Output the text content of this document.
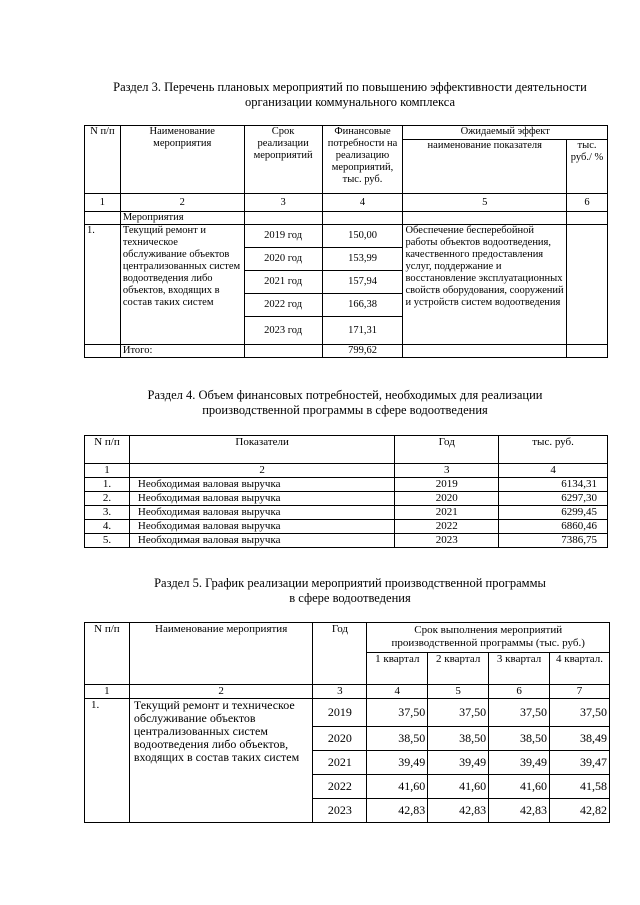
Раздел 3. Перечень плановых мероприятий по повышению эффективности деятельности
организации коммунального комплекса
N п/п	Наименование мероприятия	Срок реализации мероприятий	Финансовые потребности на реализацию мероприятий, тыс. руб.	Ожидаемый эффект	
				наименование показателя	тыс. руб./ %
1	2	3	4	5	6
	Мероприятия				
1.	Текущий ремонт и техническое обслуживание объектов централизованных систем водоотведения либо объектов, входящих в состав таких систем	2019 год	150,00	Обеспечение бесперебойной работы объектов водоотведения, качественного предоставления услуг, поддержание и восстановление эксплуатационных свойств оборудования, сооружений и устройств систем водоотведения	
		2020 год	153,99		
		2021 год	157,94		
		2022 год	166,38		
		2023 год	171,31		
	Итого:		799,62		
Раздел 4. Объем финансовых потребностей, необходимых для реализации
производственной программы в сфере водоотведения
N п/п	Показатели	Год	тыс. руб.
1	2	3	4
1.	Необходимая валовая выручка	2019	6134,31
2.	Необходимая валовая выручка	2020	6297,30
3.	Необходимая валовая выручка	2021	6299,45
4.	Необходимая валовая выручка	2022	6860,46
5.	Необходимая валовая выручка	2023	7386,75
Раздел 5. График реализации мероприятий производственной программы
в сфере водоотведения
N п/п	Наименование мероприятия	Год	Срок выполнения мероприятий производственной программы (тыс. руб.)			
			1 квартал	2 квартал	3 квартал	4 квартал.
1	2	3	4	5	6	7
1.	Текущий ремонт и техническое обслуживание объектов централизованных систем водоотведения либо объектов, входящих в состав таких систем	2019	37,50	37,50	37,50	37,50
		2020	38,50	38,50	38,50	38,49
		2021	39,49	39,49	39,49	39,47
		2022	41,60	41,60	41,60	41,58
		2023	42,83	42,83	42,83	42,82
